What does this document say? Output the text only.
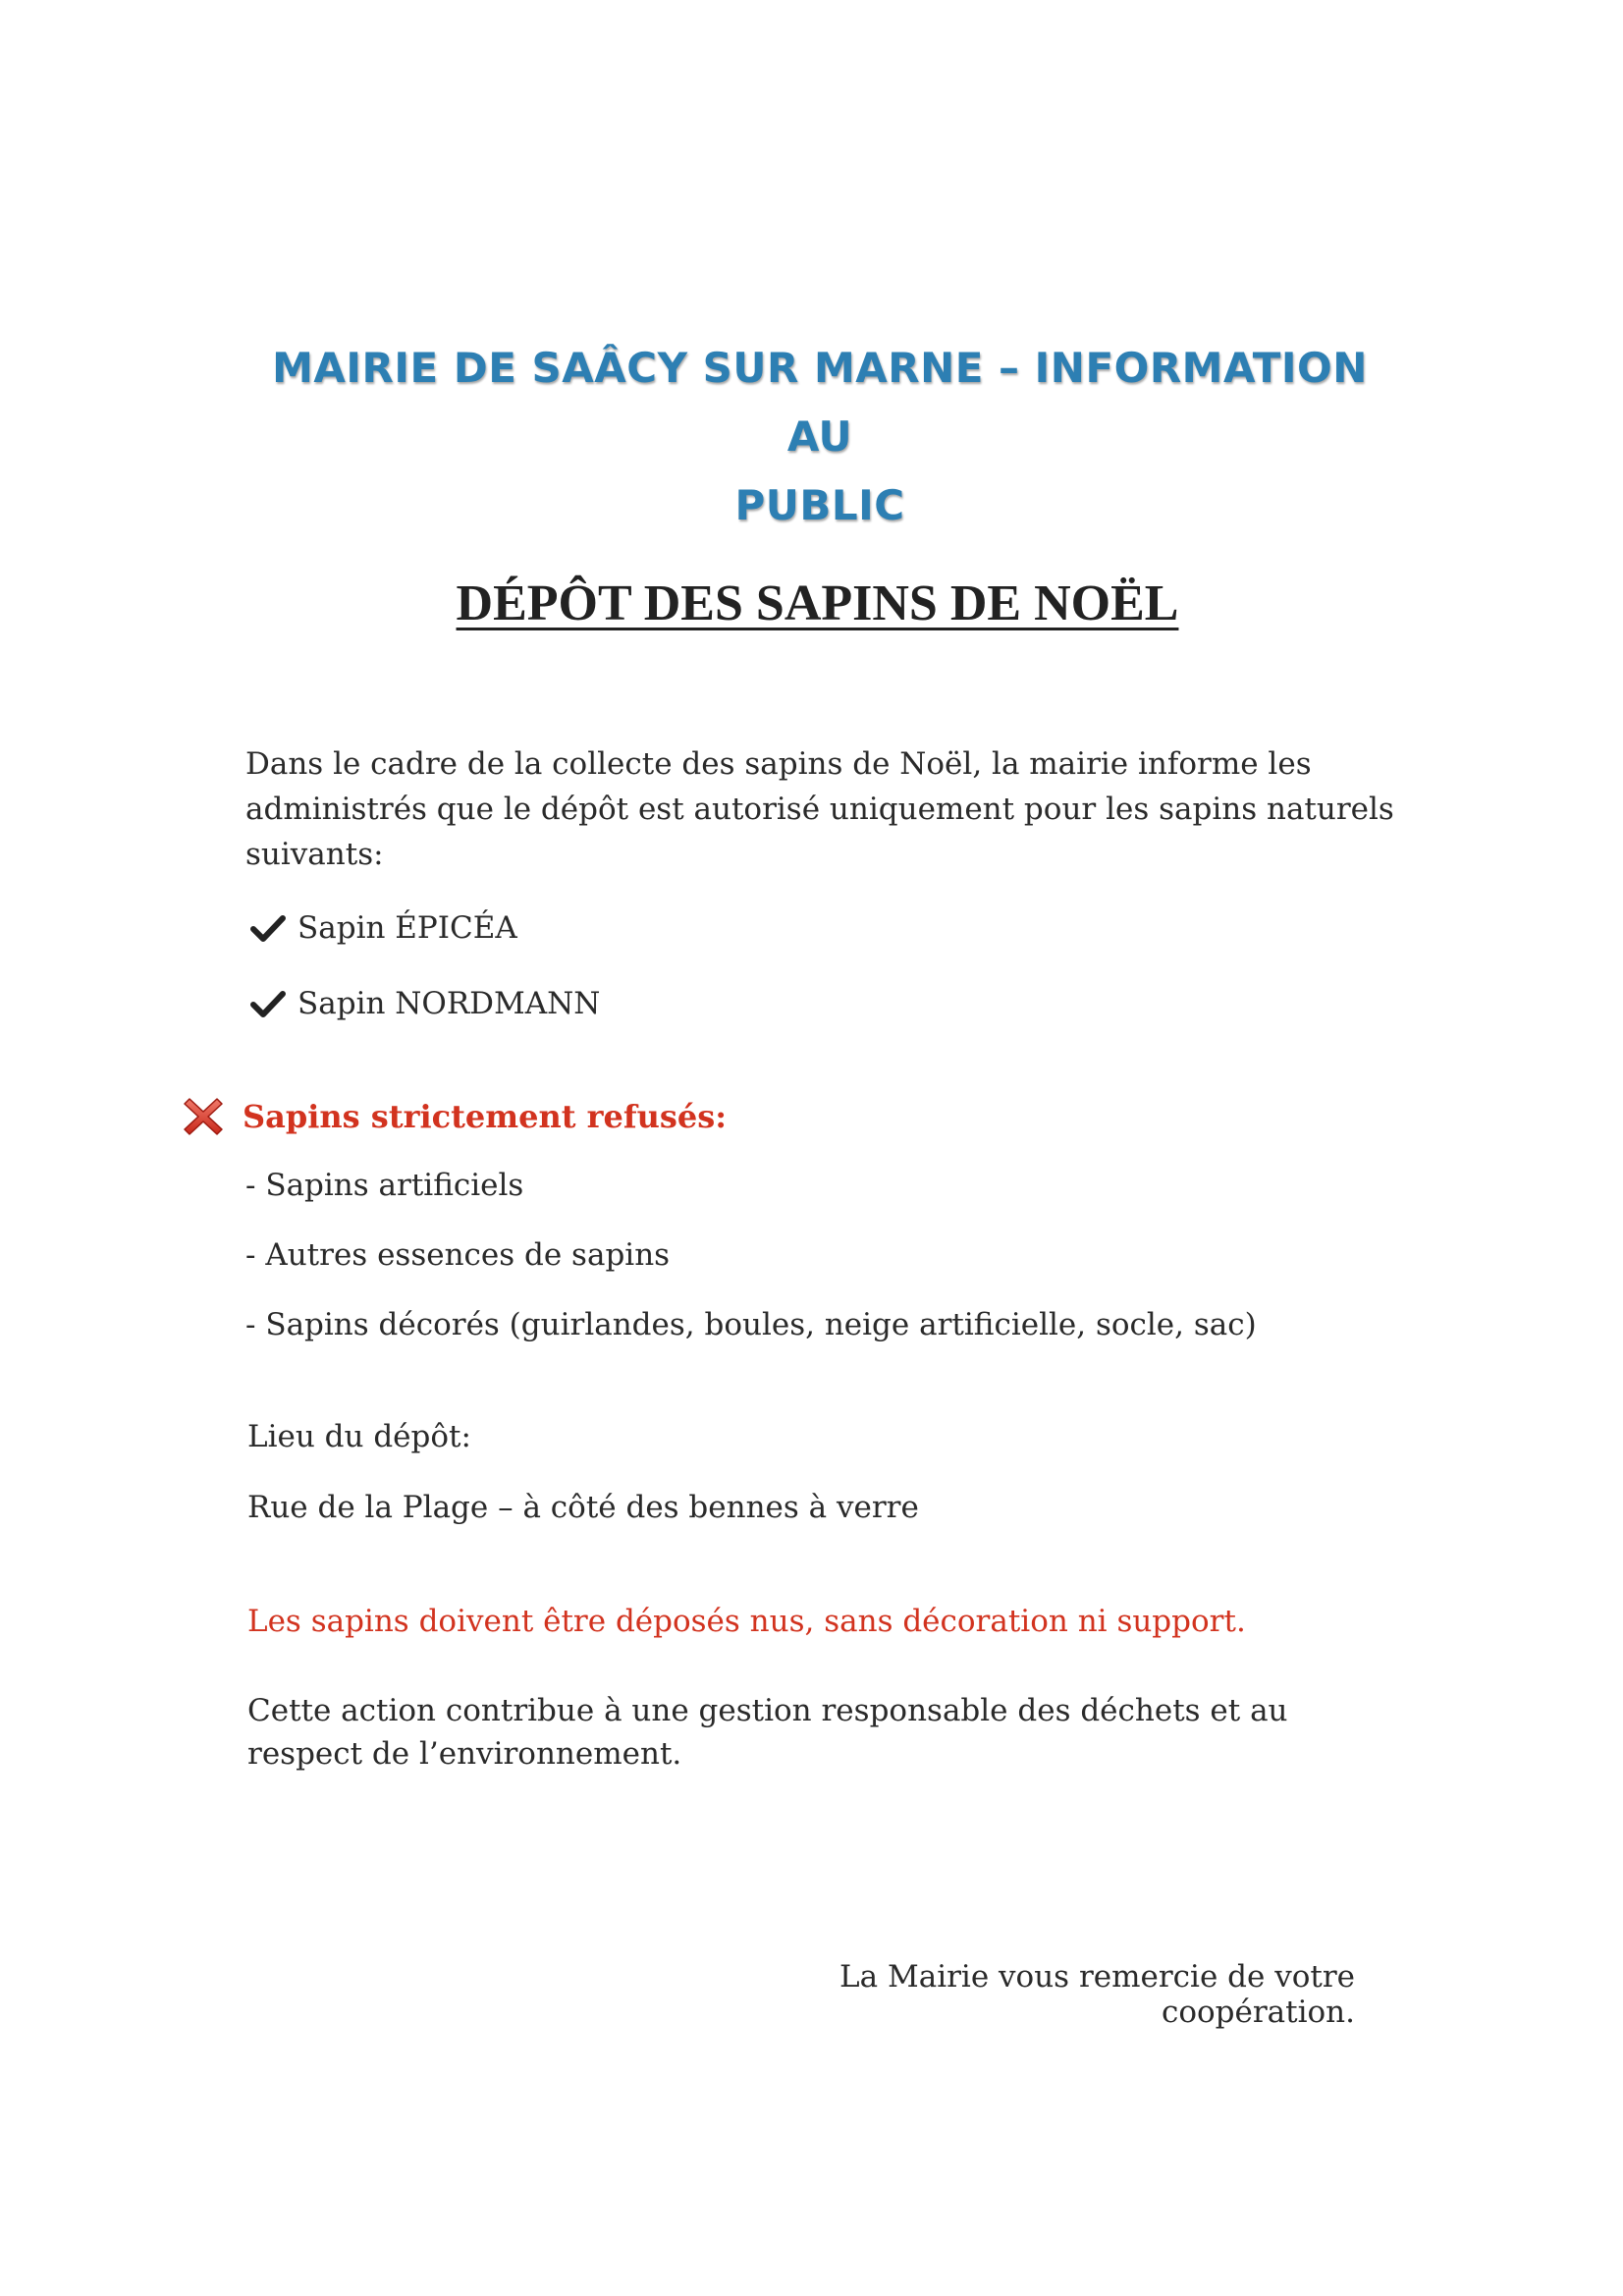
MAIRIE DE SAÂCY SUR MARNE – INFORMATION AU
PUBLIC
DÉPÔT DES SAPINS DE NOËL
Dans le cadre de la collecte des sapins de Noël, la mairie informe les administrés que le dépôt est autorisé uniquement pour les sapins naturels suivants:
Sapin ÉPICÉA
Sapin NORDMANN
Sapins strictement refusés:
- Sapins artificiels
- Autres essences de sapins
- Sapins décorés (guirlandes, boules, neige artificielle, socle, sac)
Lieu du dépôt:
Rue de la Plage – à côté des bennes à verre
Les sapins doivent être déposés nus, sans décoration ni support.
Cette action contribue à une gestion responsable des déchets et au respect de l’environnement.
La Mairie vous remercie de votre coopération.
